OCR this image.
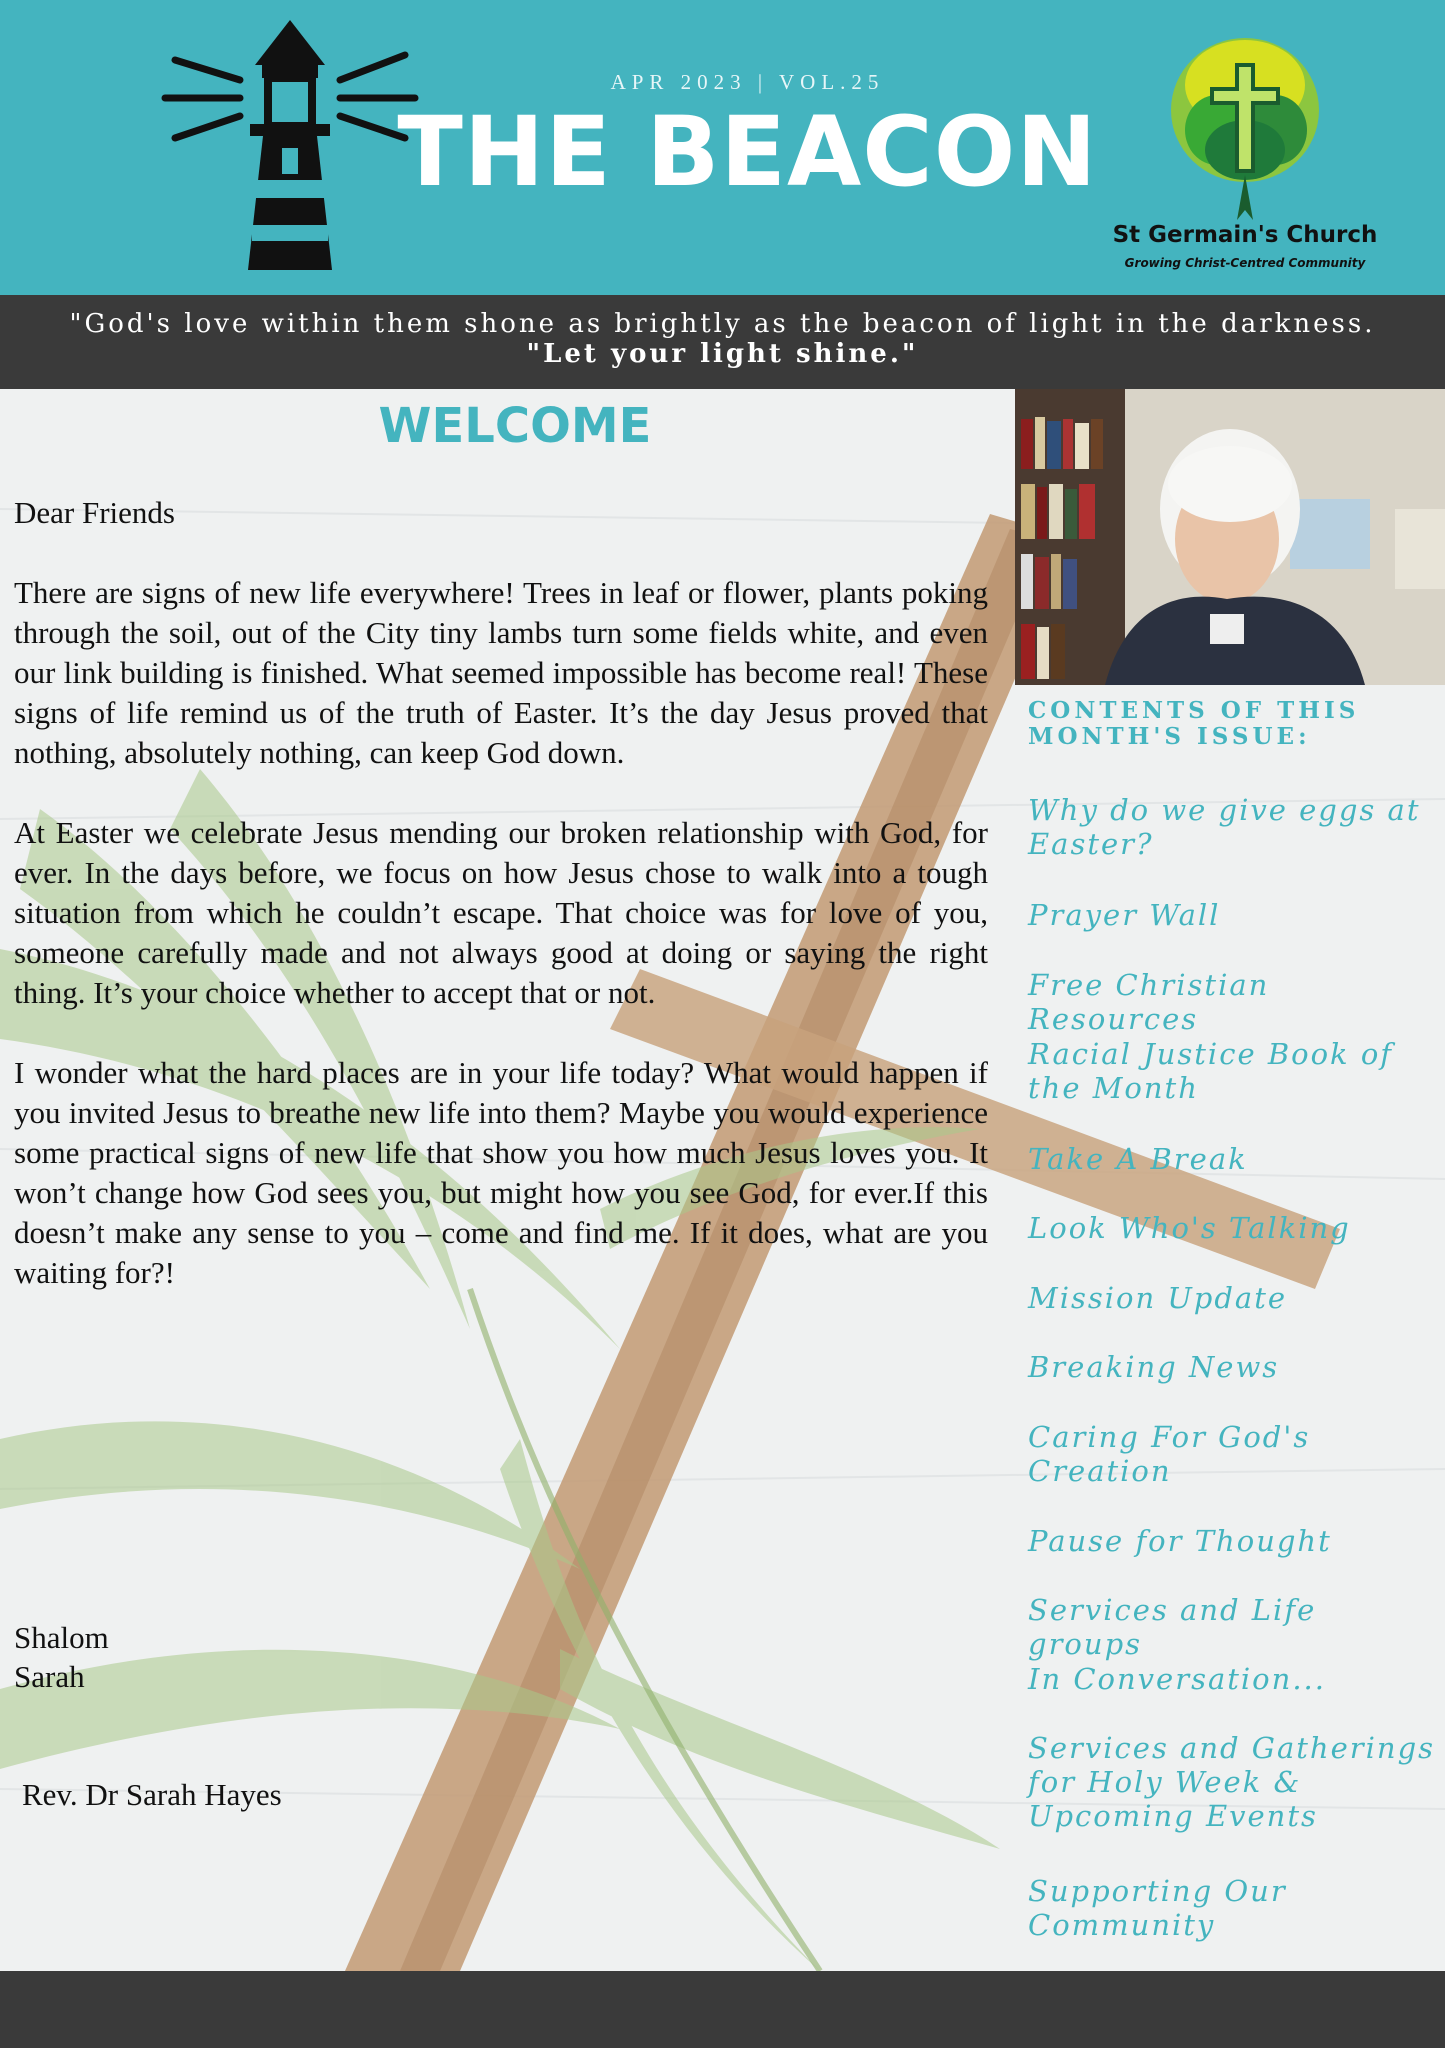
APR 2023 | VOL.25
THE BEACON
St Germain's Church
Growing Christ-Centred Community
"God's love within them shone as brightly as the beacon of light in the darkness. "Let your light shine."
WELCOME

Dear Friends

There are signs of new life everywhere! Trees in leaf or flower, plants poking through the soil, out of the City tiny lambs turn some fields white, and even our link building is finished. What seemed impossible has become real! These signs of life remind us of the truth of Easter. It’s the day Jesus proved that nothing, absolutely nothing, can keep God down.

At Easter we celebrate Jesus mending our broken relationship with God, for ever. In the days before, we focus on how Jesus chose to walk into a tough situation from which he couldn’t escape. That choice was for love of you, someone carefully made and not always good at doing or saying the right thing. It’s your choice whether to accept that or not.

I wonder what the hard places are in your life today? What would happen if you invited Jesus to breathe new life into them? Maybe you would experience some practical signs of new life that show you how much Jesus loves you. It won’t change how God sees you, but might how you see God, for ever.If this doesn’t make any sense to you – come and find me. If it does, what are you waiting for?!

Shalom
Sarah
Rev. Dr Sarah Hayes
CONTENTS OF THIS MONTH'S ISSUE:
Why do we give eggs at Easter?
Prayer Wall
Free Christian Resources
Racial Justice Book of the Month
Take A Break
Look Who's Talking
Mission Update
Breaking News
Caring For God's Creation
Pause for Thought
Services and Life groups
In Conversation...
Services and Gatherings for Holy Week & Upcoming Events
Supporting Our Community
